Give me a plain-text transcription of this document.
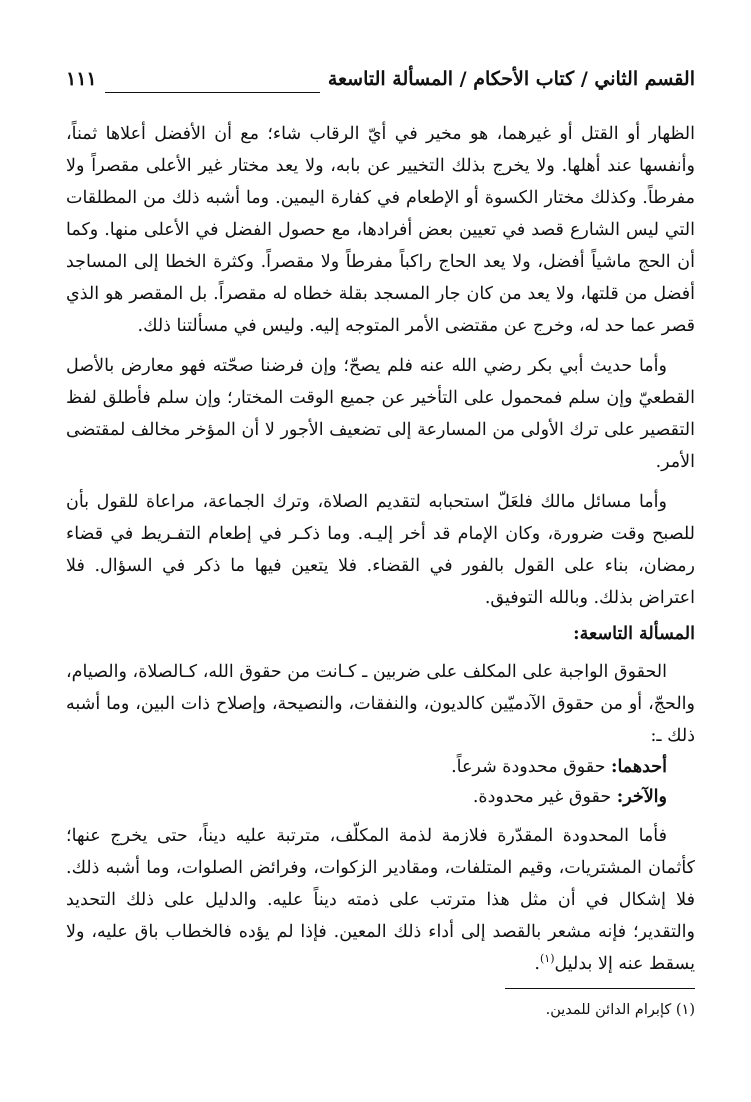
القسم الثاني / كتاب الأحكام / المسألة التاسعة
١١١

الظهار أو القتل أو غيرهما، هو مخير في أيّ الرقاب شاء؛ مع أن الأفضل أعلاها ثمناً، وأنفسها عند أهلها. ولا يخرج بذلك التخيير عن بابه، ولا يعد مختار غير الأعلى مقصراً ولا مفرطاً. وكذلك مختار الكسوة أو الإطعام في كفارة اليمين. وما أشبه ذلك من المطلقات التي ليس الشارع قصد في تعيين بعض أفرادها، مع حصول الفضل في الأعلى منها. وكما أن الحج ماشياً أفضل، ولا يعد الحاج راكباً مفرطاً ولا مقصراً. وكثرة الخطا إلى المساجد أفضل من قلتها، ولا يعد من كان جار المسجد بقلة خطاه له مقصراً. بل المقصر هو الذي قصر عما حد له، وخرج عن مقتضى الأمر المتوجه إليه. وليس في مسألتنا ذلك.

وأما حديث أبي بكر رضي الله عنه فلم يصحّ؛ وإن فرضنا صحّته فهو معارض بالأصل القطعيّ وإن سلم فمحمول على التأخير عن جميع الوقت المختار؛ وإن سلم فأطلق لفظ التقصير على ترك الأولى من المسارعة إلى تضعيف الأجور لا أن المؤخر مخالف لمقتضى الأمر.

وأما مسائل مالك فلعَلّ استحبابه لتقديم الصلاة، وترك الجماعة، مراعاة للقول بأن للصبح وقت ضرورة، وكان الإمام قد أخر إليـه. وما ذكـر في إطعام التفـريط في قضاء رمضان، بناء على القول بالفور في القضاء. فلا يتعين فيها ما ذكر في السؤال. فلا اعتراض بذلك. وبالله التوفيق.

المسألة التاسعة:

الحقوق الواجبة على المكلف على ضربين ـ كـانت من حقوق الله، كـالصلاة، والصيام، والحجّ، أو من حقوق الآدميّين كالديون، والنفقات، والنصيحة، وإصلاح ذات البين، وما أشبه ذلك ـ:

أحدهما: حقوق محدودة شرعاً.

والآخر: حقوق غير محدودة.

فأما المحدودة المقدّرة فلازمة لذمة المكلّف، مترتبة عليه ديناً، حتى يخرج عنها؛ كأثمان المشتريات، وقيم المتلفات، ومقادير الزكوات، وفرائض الصلوات، وما أشبه ذلك. فلا إشكال في أن مثل هذا مترتب على ذمته ديناً عليه. والدليل على ذلك التحديد والتقدير؛ فإنه مشعر بالقصد إلى أداء ذلك المعين. فإذا لم يؤده فالخطاب باق عليه، ولا يسقط عنه إلا بدليل$^{(١)}$.

(١) كإبرام الدائن للمدين.
